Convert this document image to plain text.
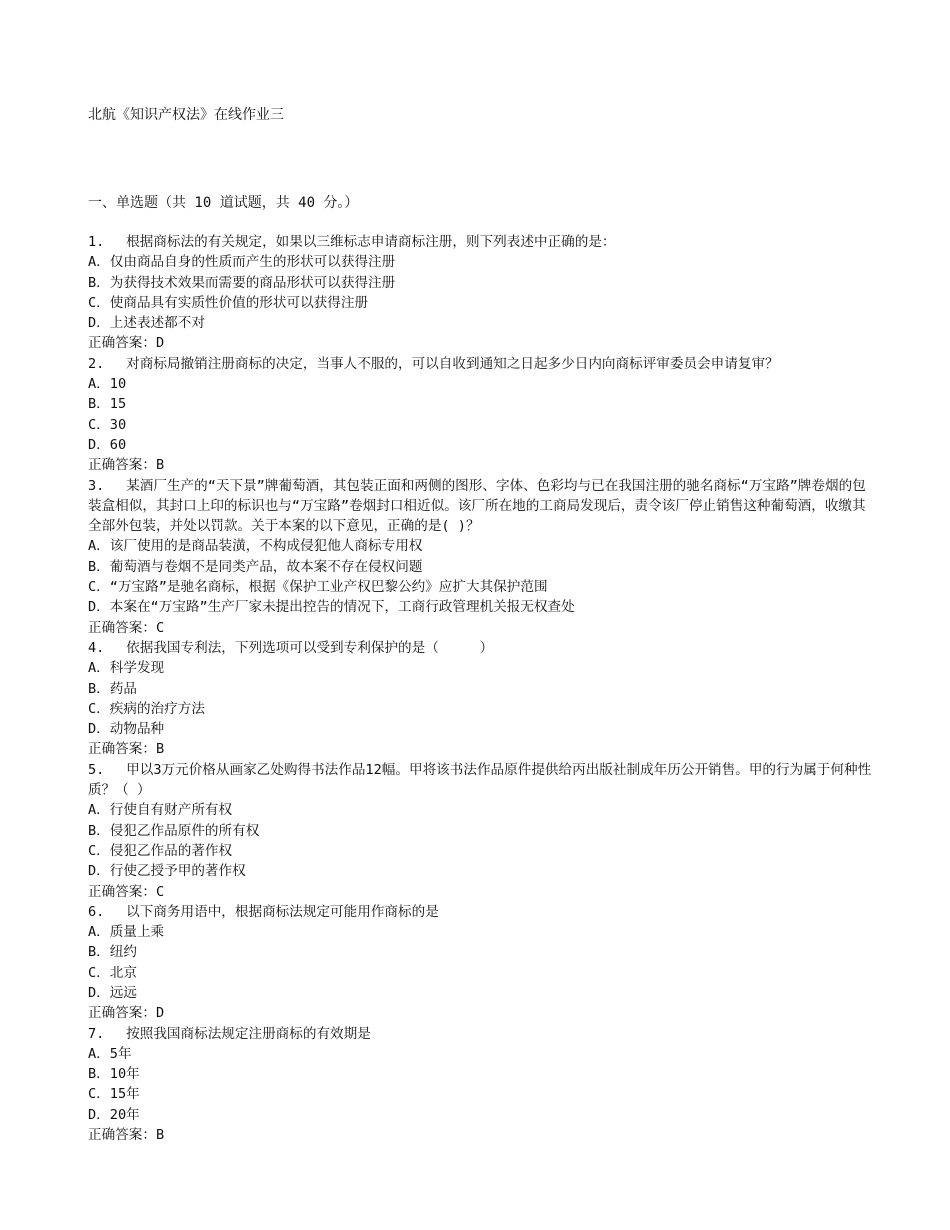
北航《知识产权法》在线作业三
一、单选题（共 10 道试题，共 40 分。）
1.　 根据商标法的有关规定，如果以三维标志申请商标注册，则下列表述中正确的是：
A．仅由商品自身的性质而产生的形状可以获得注册
B．为获得技术效果而需要的商品形状可以获得注册
C．使商品具有实质性价值的形状可以获得注册
D．上述表述都不对
正确答案：D
2.　 对商标局撤销注册商标的决定，当事人不服的，可以自收到通知之日起多少日内向商标评审委员会申请复审？
A．10
B．15
C．30
D．60
正确答案：B
3.　 某酒厂生产的“天下景”牌葡萄酒，其包装正面和两侧的图形、字体、色彩均与已在我国注册的驰名商标“万宝路”牌卷烟的包装盒相似，其封口上印的标识也与“万宝路”卷烟封口相近似。该厂所在地的工商局发现后，责令该厂停止销售这种葡萄酒，收缴其全部外包装，并处以罚款。关于本案的以下意见，正确的是( )？
A．该厂使用的是商品装潢，不构成侵犯他人商标专用权
B．葡萄酒与卷烟不是同类产品，故本案不存在侵权问题
C．“万宝路”是驰名商标，根据《保护工业产权巴黎公约》应扩大其保护范围
D．本案在“万宝路”生产厂家未提出控告的情况下，工商行政管理机关报无权查处
正确答案：C
4.　 依据我国专利法，下列选项可以受到专利保护的是（　　　）
A．科学发现
B．药品
C．疾病的治疗方法
D．动物品种
正确答案：B
5.　 甲以3万元价格从画家乙处购得书法作品12幅。甲将该书法作品原件提供给丙出版社制成年历公开销售。甲的行为属于何种性质？（ ）
A．行使自有财产所有权
B．侵犯乙作品原件的所有权
C．侵犯乙作品的著作权
D．行使乙授予甲的著作权
正确答案：C
6.　 以下商务用语中，根据商标法规定可能用作商标的是
A．质量上乘
B．纽约
C．北京
D．远远
正确答案：D
7.　 按照我国商标法规定注册商标的有效期是
A．5年
B．10年
C．15年
D．20年
正确答案：B
